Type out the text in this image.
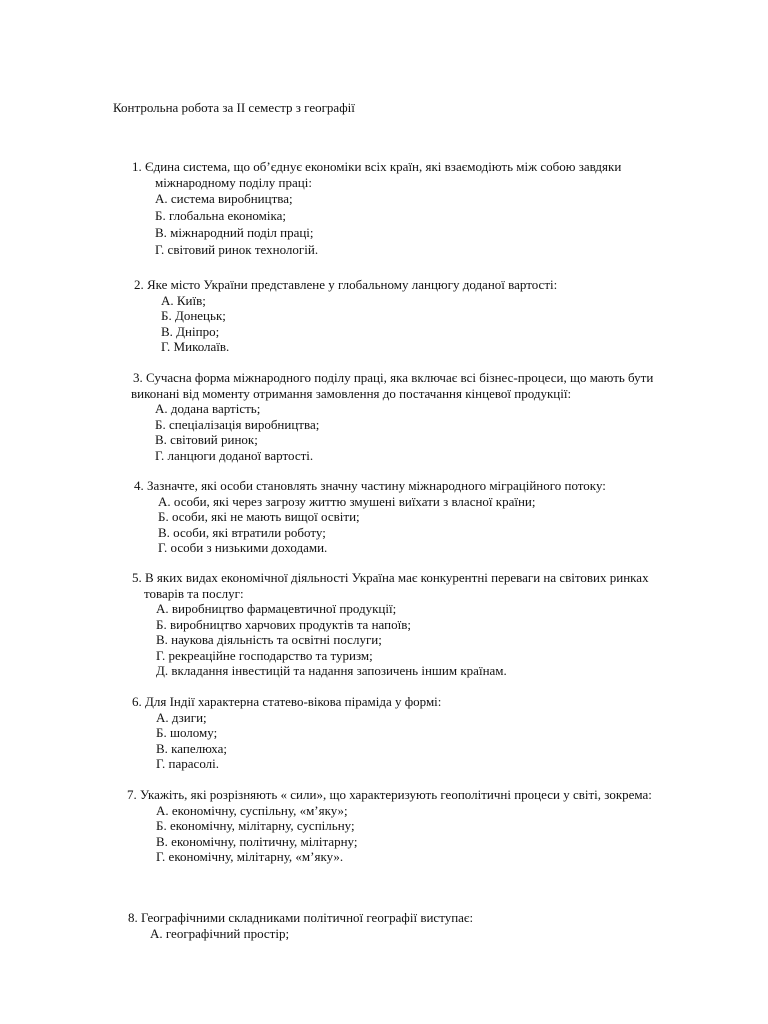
Контрольна робота за ІІ семестр з географії
1. Єдина система, що об’єднує економіки всіх країн, які взаємодіють між собою завдяки
міжнародному поділу праці:
А. система виробництва;
Б. глобальна економіка;
В. міжнародний поділ праці;
Г. світовий ринок технологій.
2. Яке місто України представлене у глобальному ланцюгу доданої вартості:
А. Київ;
Б. Донецьк;
В. Дніпро;
Г. Миколаїв.
3. Сучасна форма міжнародного поділу праці, яка включає всі бізнес-процеси, що мають бути
виконані від моменту отримання замовлення до постачання кінцевої продукції:
А. додана вартість;
Б. спеціалізація виробництва;
В. світовий ринок;
Г. ланцюги доданої вартості.
4. Зазначте, які особи становлять значну частину міжнародного міграційного потоку:
А. особи, які через загрозу життю змушені виїхати з власної країни;
Б. особи, які не мають вищої освіти;
В. особи, які втратили роботу;
Г. особи з низькими доходами.
5. В яких видах економічної діяльності Україна має конкурентні переваги на світових ринках
товарів та послуг:
А. виробництво фармацевтичної продукції;
Б. виробництво харчових продуктів та напоїв;
В. наукова діяльність та освітні послуги;
Г. рекреаційне господарство та туризм;
Д. вкладання інвестицій та надання запозичень іншим країнам.
6. Для Індії характерна статево-вікова піраміда у формі:
А. дзиги;
Б. шолому;
В. капелюха;
Г. парасолі.
7. Укажіть, які розрізняють « сили», що характеризують геополітичні процеси у світі, зокрема:
А. економічну, суспільну, «м’яку»;
Б. економічну, мілітарну, суспільну;
В. економічну, політичну, мілітарну;
Г. економічну, мілітарну, «м’яку».
8. Географічними складниками політичної географії виступає:
А. географічний простір;
